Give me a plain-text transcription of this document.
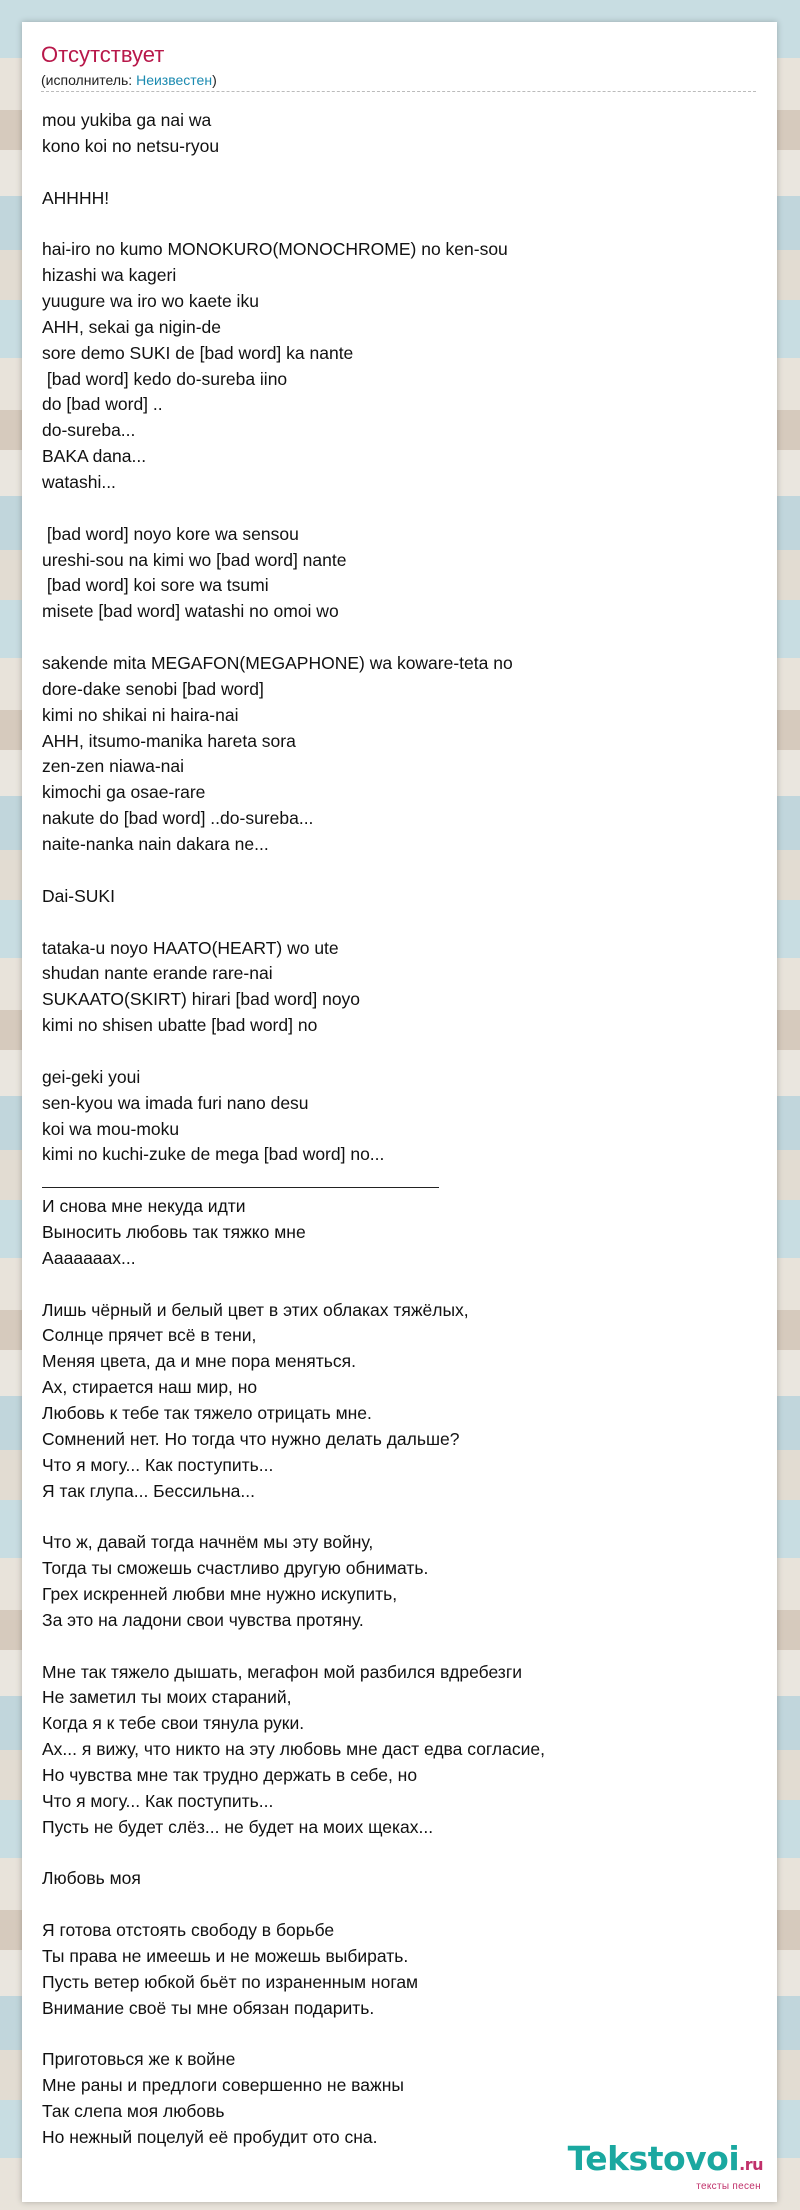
Отсутствует
(исполнитель: Неизвестен)
mou yukiba ga nai wa
kono koi no netsu-ryou
AHHHH!
hai-iro no kumo MONOKURO(MONOCHROME) no ken-sou
hizashi wa kageri
yuugure wa iro wo kaete iku
AHH, sekai ga nigin-de
sore demo SUKI de [bad word] ka nante
[bad word] kedo do-sureba iino
do [bad word] ..
do-sureba...
BAKA dana...
watashi...
[bad word] noyo kore wa sensou
ureshi-sou na kimi wo [bad word] nante
[bad word] koi sore wa tsumi
misete [bad word] watashi no omoi wo
sakende mita MEGAFON(MEGAPHONE) wa koware-teta no
dore-dake senobi [bad word]
kimi no shikai ni haira-nai
AHH, itsumo-manika hareta sora
zen-zen niawa-nai
kimochi ga osae-rare
nakute do [bad word] ..do-sureba...
naite-nanka nain dakara ne...
Dai-SUKI
tataka-u noyo HAATO(HEART) wo ute
shudan nante erande rare-nai
SUKAATO(SKIRT) hirari [bad word] noyo
kimi no shisen ubatte [bad word] no
gei-geki youi
sen-kyou wa imada furi nano desu
koi wa mou-moku
kimi no kuchi-zuke de mega [bad word] no...
И снова мне некуда идти
Выносить любовь так тяжко мне
Аааааaax...
Лишь чёрный и белый цвет в этих облаках тяжёлых,
Солнце прячет всё в тени,
Меняя цвета, да и мне пора меняться.
Ах, стирается наш мир, но
Любовь к тебе так тяжело отрицать мне.
Сомнений нет. Но тогда что нужно делать дальше?
Что я могу... Как поступить...
Я так глупа... Бессильна...
Что ж, давай тогда начнём мы эту войну,
Тогда ты сможешь счастливо другую обнимать.
Грех искренней любви мне нужно искупить,
За это на ладони свои чувства протяну.
Мне так тяжело дышать, мегафон мой разбился вдребезги
Не заметил ты моих стараний,
Когда я к тебе свои тянула руки.
Ах... я вижу, что никто на эту любовь мне даст едва согласие,
Но чувства мне так трудно держать в себе, но
Что я могу... Как поступить...
Пусть не будет слёз... не будет на моих щеках...
Любовь моя
Я готова отстоять свободу в борьбе
Ты права не имеешь и не можешь выбирать.
Пусть ветер юбкой бьёт по израненным ногам
Внимание своё ты мне обязан подарить.
Приготовься же к войне
Мне раны и предлоги совершенно не важны
Так слепа моя любовь
Но нежный поцелуй её пробудит ото сна.
Tekstovoi.ru
тексты песен
